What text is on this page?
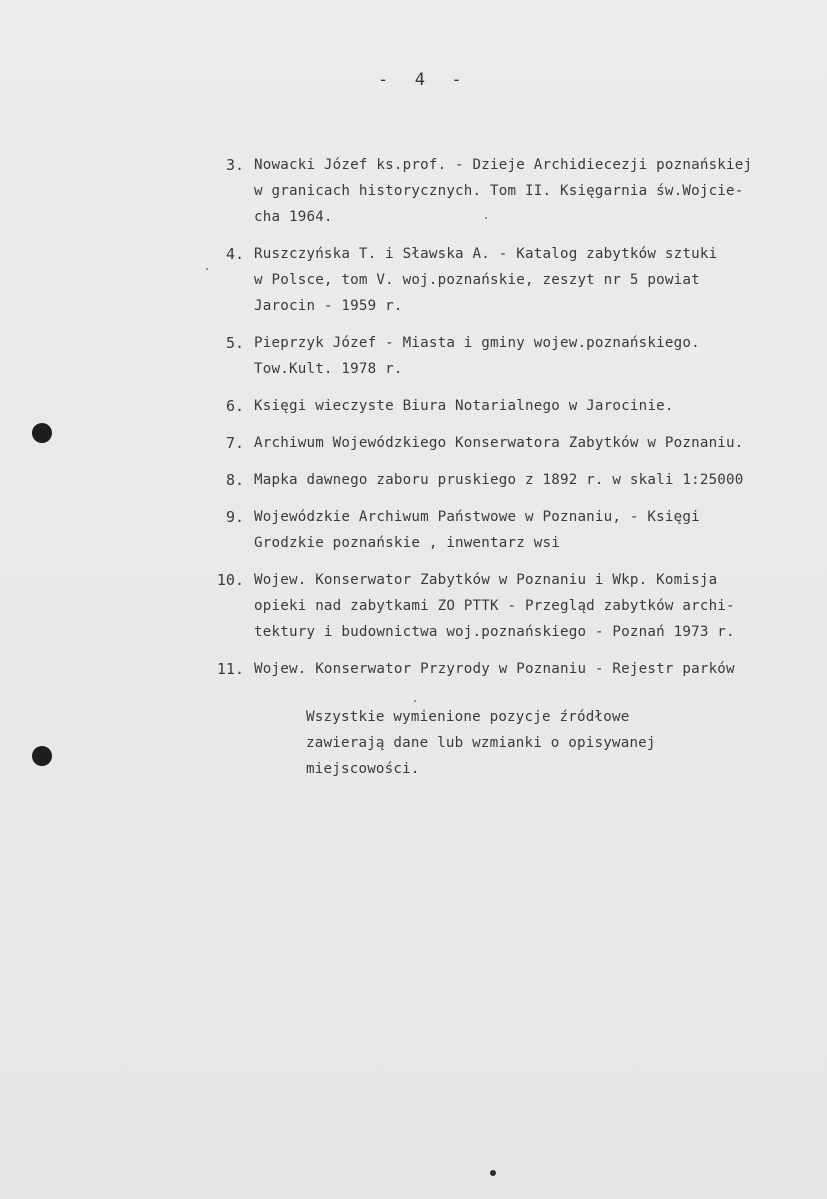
-  4  -
3. Nowacki Józef ks.prof. - Dzieje Archidiecezji poznańskiej
w granicach historycznych. Tom II. Księgarnia św.Wojcie-
cha 1964.
4. Ruszczyńska T. i Sławska A. - Katalog zabytków sztuki
w Polsce, tom V. woj.poznańskie, zeszyt nr 5 powiat
Jarocin - 1959 r.
5. Pieprzyk Józef - Miasta i gminy wojew.poznańskiego.
Tow.Kult. 1978 r.
6. Księgi wieczyste Biura Notarialnego w Jarocinie.
7. Archiwum Wojewódzkiego Konserwatora Zabytków w Poznaniu.
8. Mapka dawnego zaboru pruskiego z 1892 r. w skali 1:25000
9. Wojewódzkie Archiwum Państwowe w Poznaniu, - Księgi
Grodzkie poznańskie , inwentarz wsi
10. Wojew. Konserwator Zabytków w Poznaniu i Wkp. Komisja
opieki nad zabytkami ZO PTTK - Przegląd zabytków archi-
tektury i budownictwa woj.poznańskiego - Poznań 1973 r.
11. Wojew. Konserwator Przyrody w Poznaniu - Rejestr parków
Wszystkie wymienione pozycje źródłowe
zawierają dane lub wzmianki o opisywanej
miejscowości.
